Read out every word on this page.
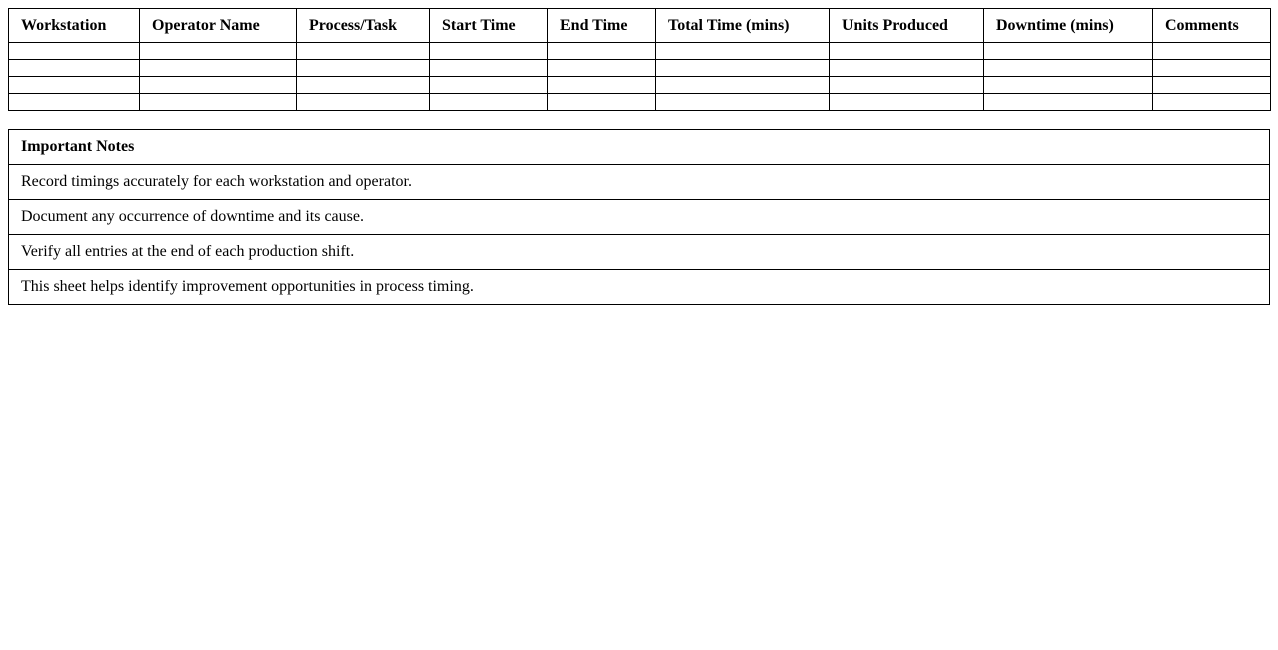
Workstation	Operator Name	Process/Task	Start Time	End Time	Total Time (mins)	Units Produced	Downtime (mins)	Comments

Important Notes
Record timings accurately for each workstation and operator.
Document any occurrence of downtime and its cause.
Verify all entries at the end of each production shift.
This sheet helps identify improvement opportunities in process timing.
